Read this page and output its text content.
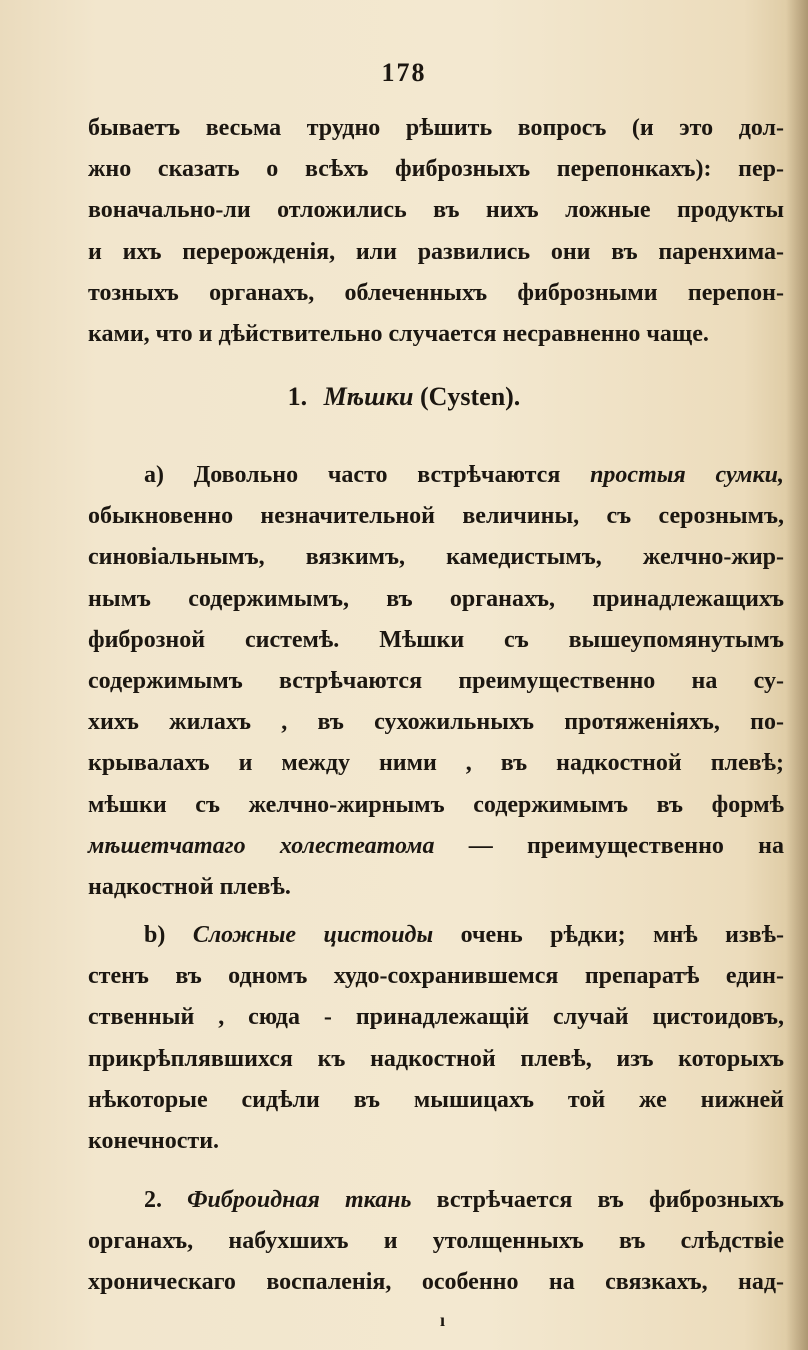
178
бываетъ весьма трудно рѣшить вопросъ (и это дол-
жно сказать о всѣхъ фиброзныхъ перепонкахъ): пер-
воначально-ли отложились въ нихъ ложные продукты
и ихъ перерожденія, или развились они въ паренхима-
тозныхъ органахъ, облеченныхъ фиброзными перепон-
ками, что и дѣйствительно случается несравненно чаще.
1. Мѣшки (Cysten).
a) Довольно часто встрѣчаются простыя сумки,
обыкновенно незначительной величины, съ серознымъ,
синовіальнымъ, вязкимъ, камедистымъ, желчно-жир-
нымъ содержимымъ, въ органахъ, принадлежащихъ
фиброзной системѣ. Мѣшки съ вышеупомянутымъ
содержимымъ встрѣчаются преимущественно на су-
хихъ жилахъ , въ сухожильныхъ протяженіяхъ, по-
крывалахъ и между ними , въ надкостной плевѣ;
мѣшки съ желчно-жирнымъ содержимымъ въ формѣ
мѣшетчатаго холестеатома — преимущественно на
надкостной плевѣ.
b) Сложные цистоиды очень рѣдки; мнѣ извѣ-
стенъ въ одномъ худо-сохранившемся препаратѣ един-
ственный , сюда - принадлежащій случай цистоидовъ,
прикрѣплявшихся къ надкостной плевѣ, изъ которыхъ
нѣкоторые сидѣли въ мышицахъ той же нижней
конечности.
2. Фиброидная ткань встрѣчается въ фиброзныхъ
органахъ, набухшихъ и утолщенныхъ въ слѣдствіе
хроническаго воспаленія, особенно на связкахъ, над-
ı
